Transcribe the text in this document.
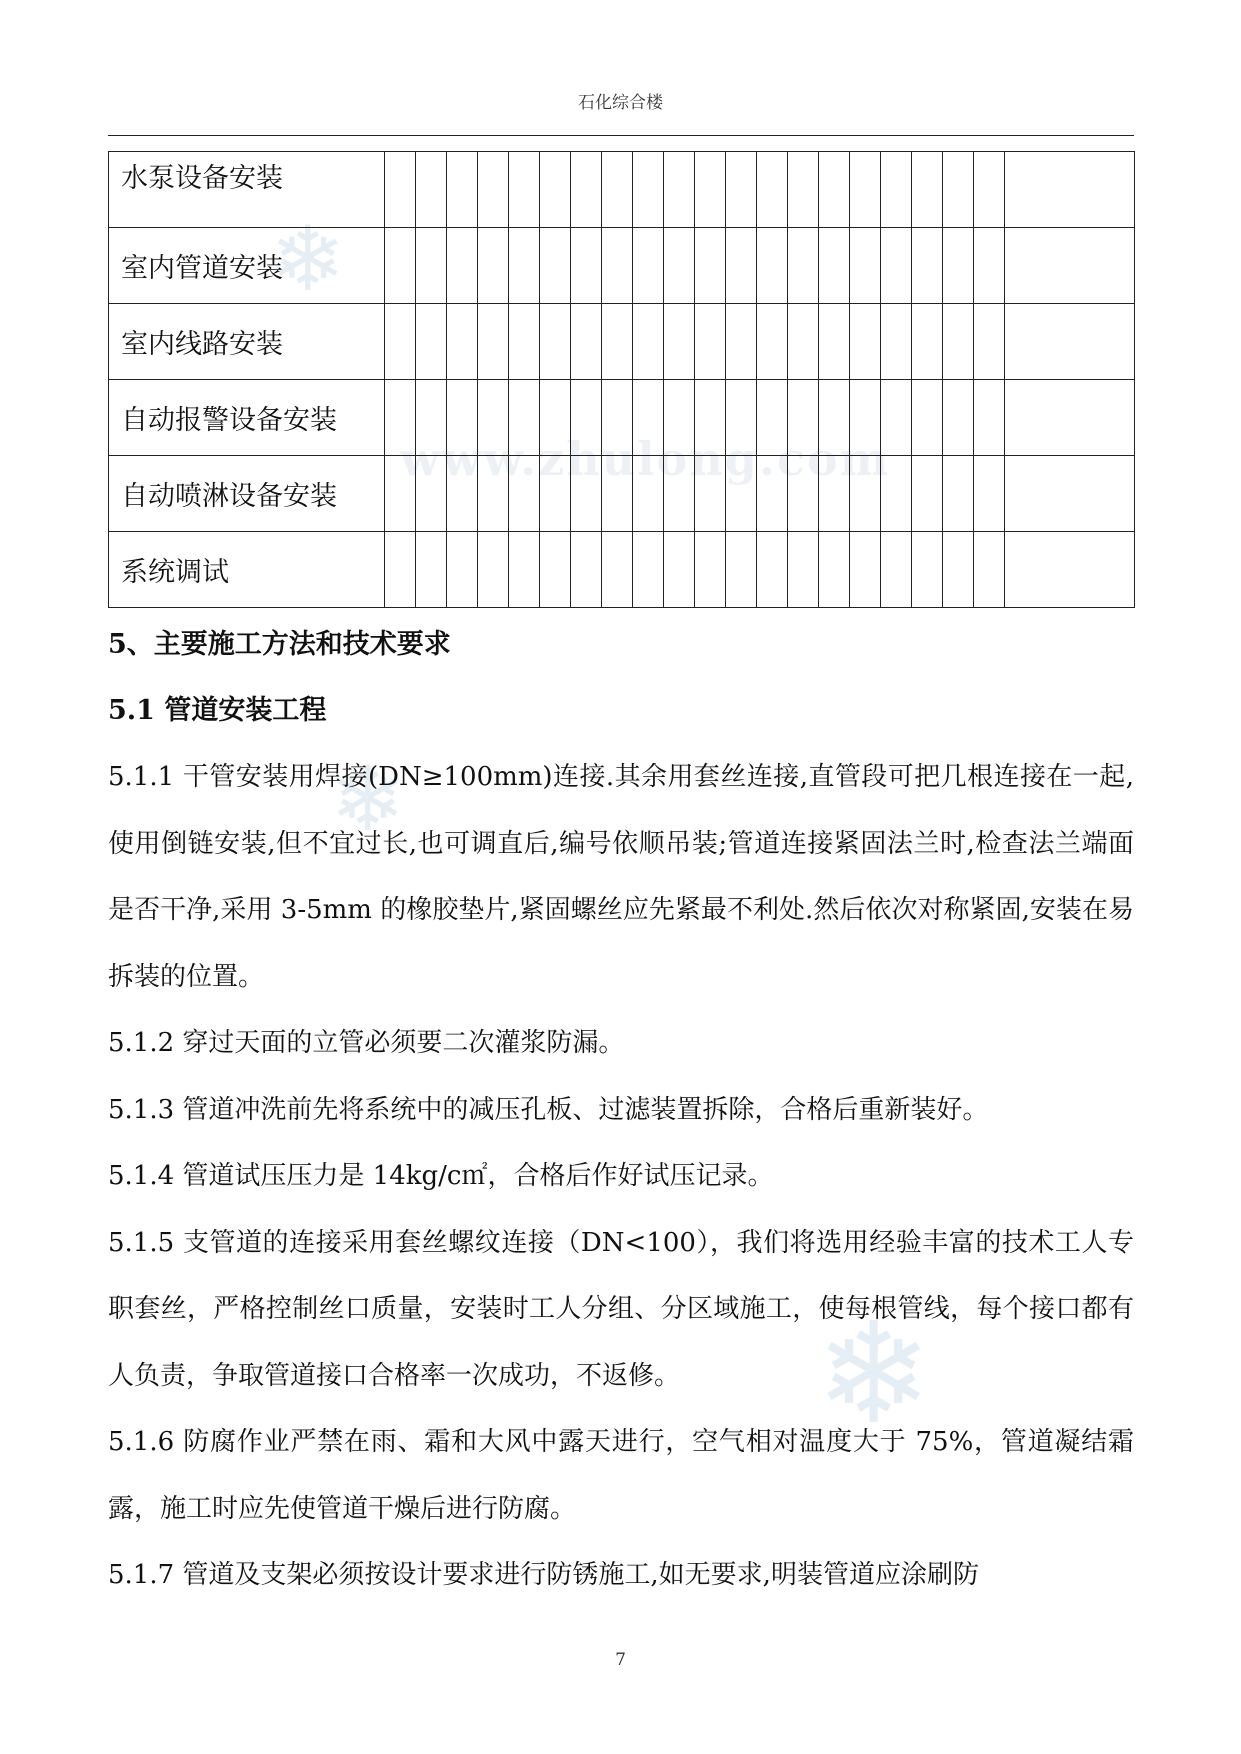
石化综合楼
www.zhulong.com
❄
❄
❄
水泵设备安装																					
室内管道安装																					
室内线路安装																					
自动报警设备安装																					
自动喷淋设备安装																					
系统调试																					
5、主要施工方法和技术要求
5.1 管道安装工程

5.1.1 干管安装用焊接(DN≥100mm)连接.其余用套丝连接,直管段可把几根连接在一起,使用倒链安装,但不宜过长,也可调直后,编号依顺吊装;管道连接紧固法兰时,检查法兰端面是否干净,采用 3-5mm 的橡胶垫片,紧固螺丝应先紧最不利处.然后依次对称紧固,安装在易拆装的位置。

5.1.2 穿过天面的立管必须要二次灌浆防漏。

5.1.3 管道冲洗前先将系统中的减压孔板、过滤装置拆除，合格后重新装好。

5.1.4 管道试压压力是 14kg/c㎡，合格后作好试压记录。

5.1.5 支管道的连接采用套丝螺纹连接（DN<100），我们将选用经验丰富的技术工人专职套丝，严格控制丝口质量，安装时工人分组、分区域施工，使每根管线，每个接口都有人负责，争取管道接口合格率一次成功，不返修。

5.1.6 防腐作业严禁在雨、霜和大风中露天进行，空气相对温度大于 75%，管道凝结霜露，施工时应先使管道干燥后进行防腐。

5.1.7 管道及支架必须按设计要求进行防锈施工,如无要求,明装管道应涂刷防

7
